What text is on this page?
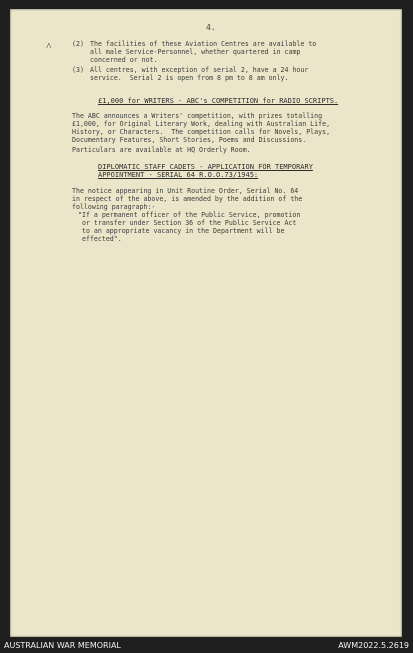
4.
˄	(2) The facilities of these Aviation Centres are available to
all male Service-Personnel, whether quartered in camp
concerned or not.
(3) All centres, with exception of serial 2, have a 24 hour
service.  Serial 2 is open from 8 pm to 8 am only.
£1,000 for WRITERS - ABC's COMPETITION for RADIO SCRIPTS.
The ABC announces a Writers' competition, with prizes totalling
£1,000, for Original Literary Work, dealing with Australian Life,
History, or Characters.  The competition calls for Novels, Plays,
Documentary Features, Short Stories, Poems and Discussions.
Particulars are available at HQ Orderly Room.
DIPLOMATIC STAFF CADETS - APPLICATION FOR TEMPORARY
APPOINTMENT - SERIAL 64 R.O.O.73/1945:
The notice appearing in Unit Routine Order, Serial No. 64
in respect of the above, is amended by the addition of the
following paragraph:-
"If a permanent officer of the Public Service, promotion
or transfer under Section 36 of the Public Service Act
to an appropriate vacancy in the Department will be
effected".
AUSTRALIAN WAR MEMORIAL	AWM2022.5.2619
